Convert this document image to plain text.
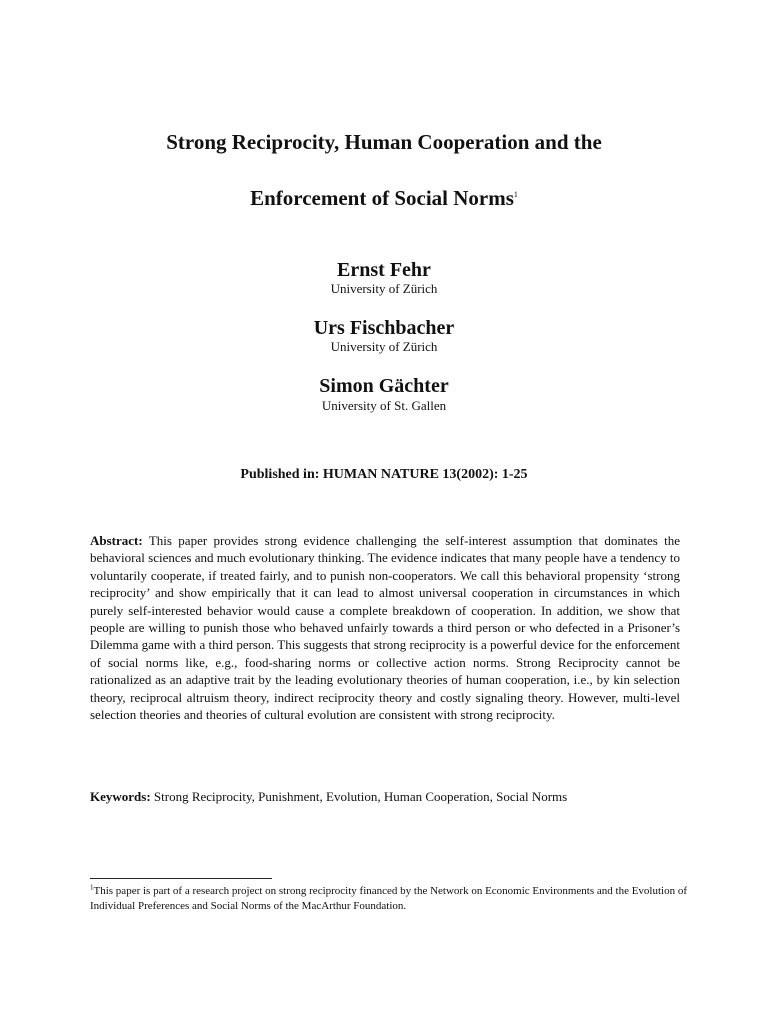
Strong Reciprocity, Human Cooperation and the
Enforcement of Social Norms$^1$
Ernst Fehr
University of Zürich
Urs Fischbacher
University of Zürich
Simon Gächter
University of St. Gallen
Published in: HUMAN NATURE 13(2002): 1-25

Abstract: This paper provides strong evidence challenging the self-interest assumption that dominates the behavioral sciences and much evolutionary thinking. The evidence indicates that many people have a tendency to voluntarily cooperate, if treated fairly, and to punish non-cooperators. We call this behavioral propensity ‘strong reciprocity’ and show empirically that it can lead to almost universal cooperation in circumstances in which purely self-interested behavior would cause a complete breakdown of cooperation. In addition, we show that people are willing to punish those who behaved unfairly towards a third person or who defected in a Prisoner’s Dilemma game with a third person. This suggests that strong reciprocity is a powerful device for the enforcement of social norms like, e.g., food-sharing norms or collective action norms. Strong Reciprocity cannot be rationalized as an adaptive trait by the leading evolutionary theories of human cooperation, i.e., by kin selection theory, reciprocal altruism theory, indirect reciprocity theory and costly signaling theory. However, multi-level selection theories and theories of cultural evolution are consistent with strong reciprocity.

Keywords: Strong Reciprocity, Punishment, Evolution, Human Cooperation, Social Norms

$^1$This paper is part of a research project on strong reciprocity financed by the Network on Economic Environments and the Evolution of Individual Preferences and Social Norms of the MacArthur Foundation.
